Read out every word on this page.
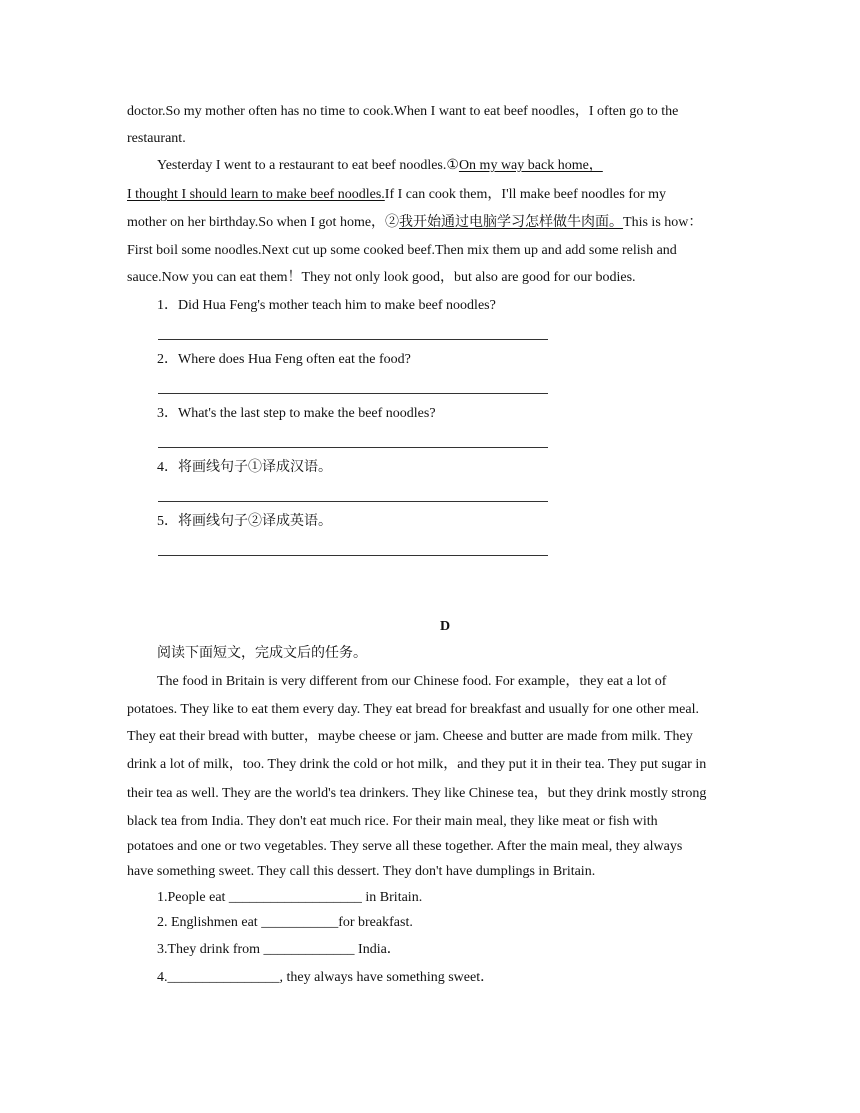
doctor.So my mother often has no time to cook.When I want to eat beef noodles，I often go to the
restaurant.
Yesterday I went to a restaurant to eat beef noodles.①On my way back home，
I thought I should learn to make beef noodles.If I can cook them，I'll make beef noodles for my
mother on her birthday.So when I got home，②我开始通过电脑学习怎样做牛肉面。This is how：
First boil some noodles.Next cut up some cooked beef.Then mix them up and add some relish and
sauce.Now you can eat them！They not only look good，but also are good for our bodies.
1．Did Hua Feng's mother teach him to make beef noodles?
2．Where does Hua Feng often eat the food?
3．What's the last step to make the beef noodles?
4．将画线句子①译成汉语。
5．将画线句子②译成英语。
D
阅读下面短文，完成文后的任务。
The food in Britain is very different from our Chinese food. For example，they eat a lot of
potatoes. They like to eat them every day. They eat bread for breakfast and usually for one other meal.
They eat their bread with butter，maybe cheese or jam. Cheese and butter are made from milk. They
drink a lot of milk，too. They drink the cold or hot milk，and they put it in their tea. They put sugar in
their tea as well. They are the world's tea drinkers. They like Chinese tea，but they drink mostly strong
black tea from India. They don't eat much rice. For their main meal, they like meat or fish with
potatoes and one or two vegetables. They serve all these together. After the main meal, they always
have something sweet. They call this dessert. They don't have dumplings in Britain.
1.People eat ___________________ in Britain.
2. Englishmen eat ___________for breakfast.
3.They drink from _____________ India．
4.________________, they always have something sweet．
